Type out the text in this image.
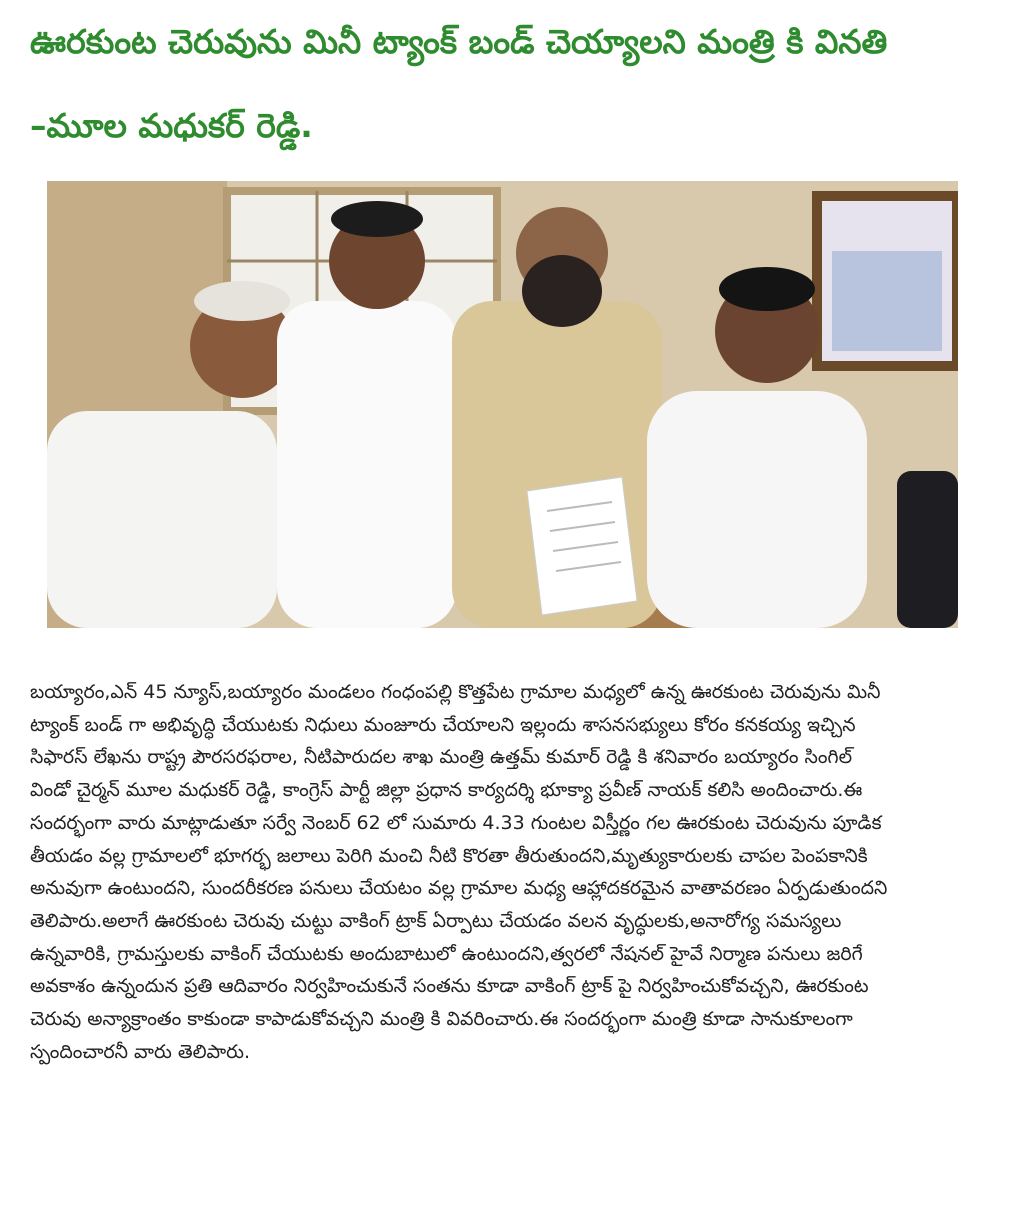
ఊరకుంట చెరువును మినీ ట్యాంక్ బండ్ చెయ్యాలని మంత్రి కి వినతి
–మూల మధుకర్ రెడ్డి.

బయ్యారం,ఎన్ 45 న్యూస్,బయ్యారం మండలం గంధంపల్లి కొత్తపేట గ్రామాల మధ్యలో ఉన్న ఊరకుంట చెరువును మినీ
ట్యాంక్ బండ్ గా అభివృద్ధి చేయుటకు నిధులు మంజూరు చేయాలని ఇల్లందు శాసనసభ్యులు కోరం కనకయ్య ఇచ్చిన
సిఫారస్ లేఖను రాష్ట్ర పౌరసరఫరాల, నీటిపారుదల శాఖ మంత్రి ఉత్తమ్ కుమార్ రెడ్డి కి శనివారం బయ్యారం సింగిల్
విండో చైర్మన్ మూల మధుకర్ రెడ్డి, కాంగ్రెస్ పార్టీ జిల్లా ప్రధాన కార్యదర్శి భూక్యా ప్రవీణ్ నాయక్ కలిసి అందించారు.ఈ
సందర్భంగా వారు మాట్లాడుతూ సర్వే నెంబర్ 62 లో సుమారు 4.33 గుంటల విస్తీర్ణం గల ఊరకుంట చెరువును పూడిక
తీయడం వల్ల గ్రామాలలో భూగర్భ జలాలు పెరిగి మంచి నీటి కొరతా తీరుతుందని,మృత్యుకారులకు చాపల పెంపకానికి
అనువుగా ఉంటుందని, సుందరీకరణ పనులు చేయటం వల్ల గ్రామాల మధ్య ఆహ్లాదకరమైన వాతావరణం ఏర్పడుతుందని
తెలిపారు.అలాగే ఊరకుంట చెరువు చుట్టు వాకింగ్ ట్రాక్ ఏర్పాటు చేయడం వలన వృద్ధులకు,అనారోగ్య సమస్యలు
ఉన్నవారికి, గ్రామస్తులకు వాకింగ్ చేయుటకు అందుబాటులో ఉంటుందని,త్వరలో నేషనల్ హైవే నిర్మాణ పనులు జరిగే
అవకాశం ఉన్నందున ప్రతి ఆదివారం నిర్వహించుకునే సంతను కూడా వాకింగ్ ట్రాక్ పై నిర్వహించుకోవచ్చని, ఊరకుంట
చెరువు అన్యాక్రాంతం కాకుండా కాపాడుకోవచ్చని మంత్రి కి వివరించారు.ఈ సందర్భంగా మంత్రి కూడా సానుకూలంగా
స్పందించారనీ వారు తెలిపారు.
